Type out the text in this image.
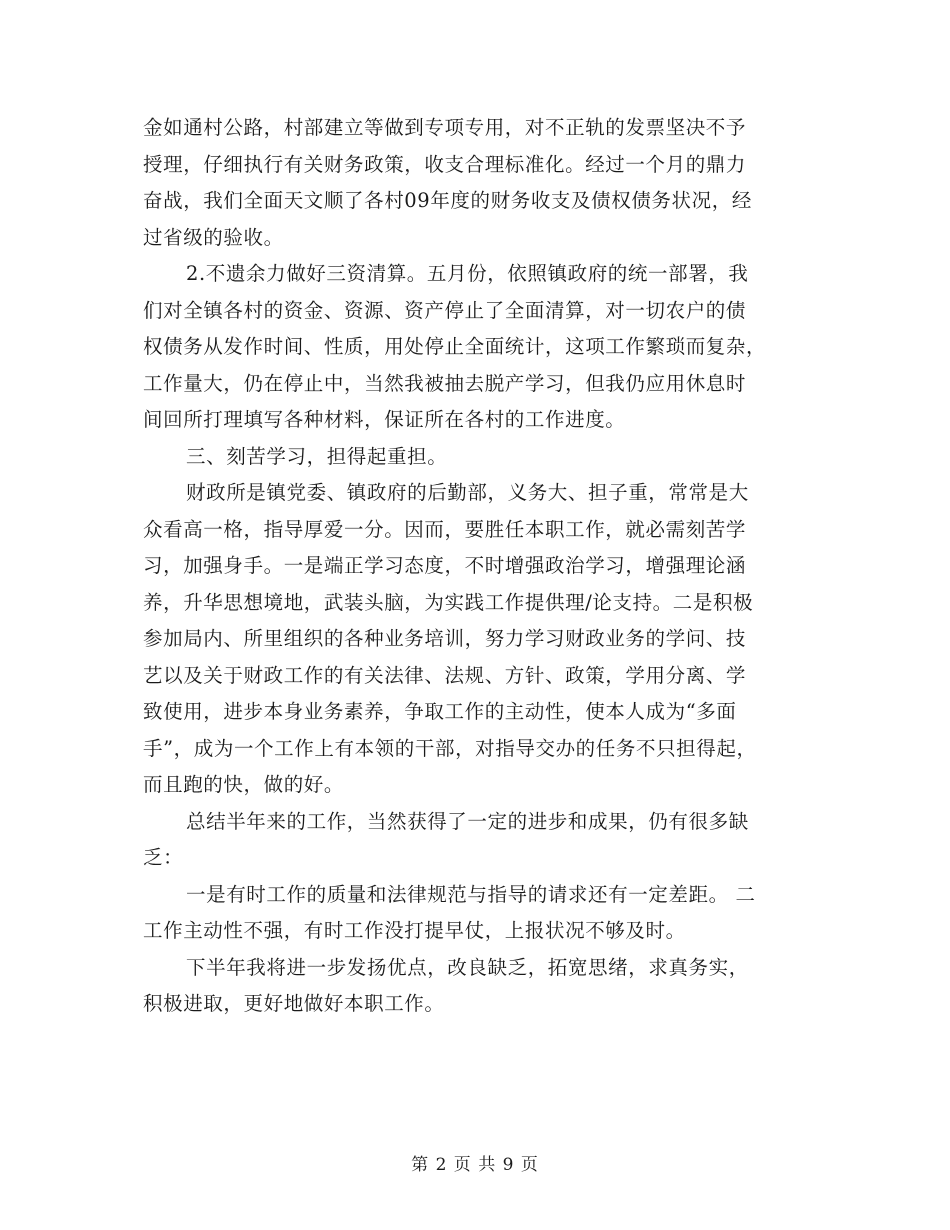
金如通村公路，村部建立等做到专项专用，对不正轨的发票坚决不予
授理，仔细执行有关财务政策，收支合理标准化。经过一个月的鼎力
奋战，我们全面天文顺了各村09年度的财务收支及债权债务状况，经
过省级的验收。
2.不遗余力做好三资清算。五月份，依照镇政府的统一部署，我
们对全镇各村的资金、资源、资产停止了全面清算，对一切农户的债
权债务从发作时间、性质，用处停止全面统计，这项工作繁琐而复杂，
工作量大，仍在停止中，当然我被抽去脱产学习，但我仍应用休息时
间回所打理填写各种材料，保证所在各村的工作进度。
三、刻苦学习，担得起重担。
财政所是镇党委、镇政府的后勤部，义务大、担子重，常常是大
众看高一格，指导厚爱一分。因而，要胜任本职工作，就必需刻苦学
习，加强身手。一是端正学习态度，不时增强政治学习，增强理论涵
养，升华思想境地，武装头脑，为实践工作提供理/论支持。二是积极
参加局内、所里组织的各种业务培训，努力学习财政业务的学问、技
艺以及关于财政工作的有关法律、法规、方针、政策，学用分离、学
致使用，进步本身业务素养，争取工作的主动性，使本人成为“多面
手”，成为一个工作上有本领的干部，对指导交办的任务不只担得起，
而且跑的快，做的好。
总结半年来的工作，当然获得了一定的进步和成果，仍有很多缺
乏：
一是有时工作的质量和法律规范与指导的请求还有一定差距。 二
工作主动性不强，有时工作没打提早仗，上报状况不够及时。
下半年我将进一步发扬优点，改良缺乏，拓宽思绪，求真务实，
积极进取，更好地做好本职工作。
第 2 页 共 9 页
